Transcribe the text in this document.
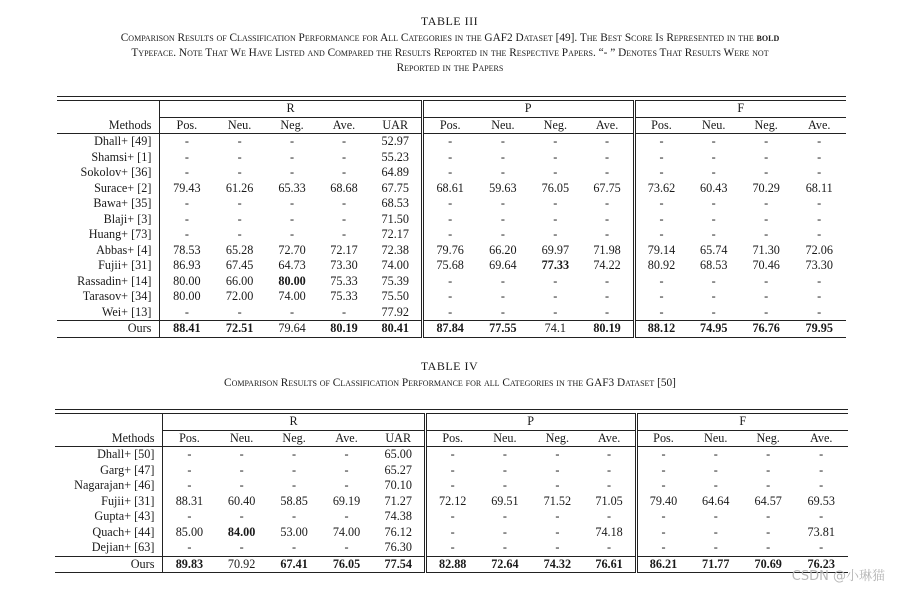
TABLE III
Comparison Results of Classification Performance for All Categories in the GAF2 Dataset [49]. The Best Score Is Represented in the bold
Typeface. Note That We Have Listed and Compared the Results Reported in the Respective Papers. “- ” Denotes That Results Were not
Reported in the Papers
	R					P				F			
Methods	Pos.	Neu.	Neg.	Ave.	UAR	Pos.	Neu.	Neg.	Ave.	Pos.	Neu.	Neg.	Ave.
Dhall+ [49]	-	-	-	-	52.97	-	-	-	-	-	-	-	-
Shamsi+ [1]	-	-	-	-	55.23	-	-	-	-	-	-	-	-
Sokolov+ [36]	-	-	-	-	64.89	-	-	-	-	-	-	-	-
Surace+ [2]	79.43	61.26	65.33	68.68	67.75	68.61	59.63	76.05	67.75	73.62	60.43	70.29	68.11
Bawa+ [35]	-	-	-	-	68.53	-	-	-	-	-	-	-	-
Blaji+ [3]	-	-	-	-	71.50	-	-	-	-	-	-	-	-
Huang+ [73]	-	-	-	-	72.17	-	-	-	-	-	-	-	-
Abbas+ [4]	78.53	65.28	72.70	72.17	72.38	79.76	66.20	69.97	71.98	79.14	65.74	71.30	72.06
Fujii+ [31]	86.93	67.45	64.73	73.30	74.00	75.68	69.64	77.33	74.22	80.92	68.53	70.46	73.30
Rassadin+ [14]	80.00	66.00	80.00	75.33	75.39	-	-	-	-	-	-	-	-
Tarasov+ [34]	80.00	72.00	74.00	75.33	75.50	-	-	-	-	-	-	-	-
Wei+ [13]	-	-	-	-	77.92	-	-	-	-	-	-	-	-
Ours	88.41	72.51	79.64	80.19	80.41	87.84	77.55	74.1	80.19	88.12	74.95	76.76	79.95
TABLE IV
Comparison Results of Classification Performance for all Categories in the GAF3 Dataset [50]
	R					P				F			
Methods	Pos.	Neu.	Neg.	Ave.	UAR	Pos.	Neu.	Neg.	Ave.	Pos.	Neu.	Neg.	Ave.
Dhall+ [50]	-	-	-	-	65.00	-	-	-	-	-	-	-	-
Garg+ [47]	-	-	-	-	65.27	-	-	-	-	-	-	-	-
Nagarajan+ [46]	-	-	-	-	70.10	-	-	-	-	-	-	-	-
Fujii+ [31]	88.31	60.40	58.85	69.19	71.27	72.12	69.51	71.52	71.05	79.40	64.64	64.57	69.53
Gupta+ [43]	-	-	-	-	74.38	-	-	-	-	-	-	-	-
Quach+ [44]	85.00	84.00	53.00	74.00	76.12	-	-	-	74.18	-	-	-	73.81
Dejian+ [63]	-	-	-	-	76.30	-	-	-	-	-	-	-	-
Ours	89.83	70.92	67.41	76.05	77.54	82.88	72.64	74.32	76.61	86.21	71.77	70.69	76.23
CSDN @小琳猫
